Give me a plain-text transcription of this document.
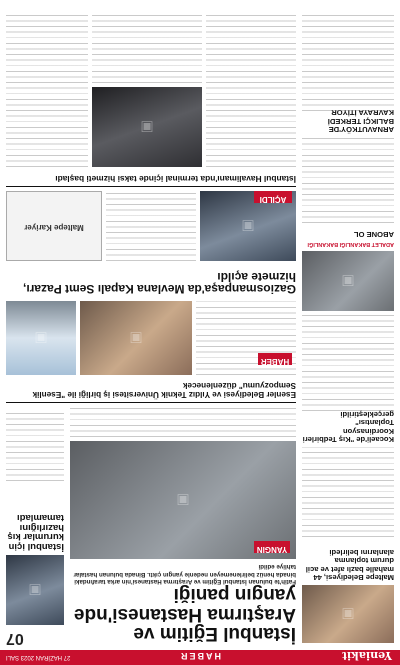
Yeniakit
HABER
27 HAZİRAN 2023 SALI
07
▣
Maltepe Belediyesi, 44 mahalle bazlı afet ve acil durum toplanma alanlarını belirledi
Kocaeli'de "Kış Tedbirleri Koordinasyon Toplantısı" gerçekleştirildi
▣
ADALET BAKANLIĞI BAKANLIĞI
ABONE OL
ARNAVUTKÖY'DE BALIKÇI TERKEDİ KAVRAYA İTİYOR
İstanbul Eğitim ve Araştırma Hastanesi'nde yangın paniği
Fatih'te bulunan İstanbul Eğitim ve Araştırma Hastanesi'nin arka tarafındaki binada henüz belirlenemeyen nedenle yangın çıktı. Binada bulunan hastalar tahliye edildi
▣
YANGIN
▣
İstanbul için kurumlar kış hazırlığını tamamladı
Esenler Belediyesi ve Yıldız Teknik Üniversitesi iş birliği ile "Esenlik Sempozyumu" düzenlenecek
HABER
▣
▣
Gaziosmanpaşa'da Mevlana Kapalı Semt Pazarı, hizmete açıldı
▣
AÇILDI
Maltepe Kariyer
İstanbul Havalimanı'nda terminal içinde taksi hizmeti başladı
▣
